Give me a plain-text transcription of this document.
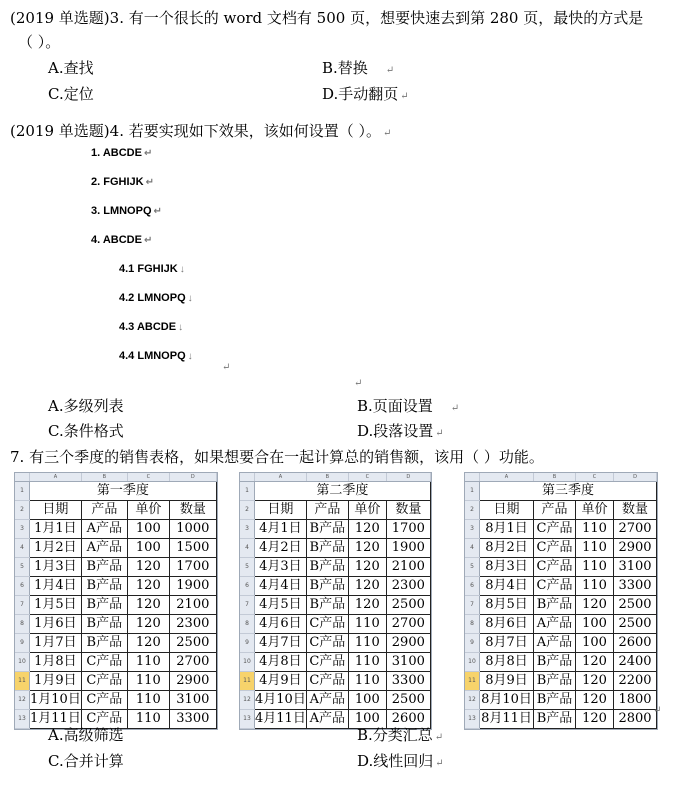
(2019 单选题)3. 有一个很长的 word 文档有 500 页，想要快速去到第 280 页，最快的方式是
（ ）。
A.查找	B.替换 ↵
C.定位	D.手动翻页 ↵
(2019 单选题)4. 若要实现如下效果，该如何设置（ ）。 ↵
1. ABCDE ↵
2. FGHIJK ↵
3. LMNOPQ ↵
4. ABCDE ↵
4.1 FGHIJK ↓
4.2 LMNOPQ ↓
4.3 ABCDE ↓
4.4 LMNOPQ ↓
↵
↵
A.多级列表	B.页面设置 ↵
C.条件格式	D.段落设置 ↵
7. 有三个季度的销售表格，如果想要合在一起计算总的销售额，该用（ ）功能。
	A	B	C	D
1	第一季度			
2	日期	产品	单价	数量
3	1月1日	A产品	100	1000
4	1月2日	A产品	100	1500
5	1月3日	B产品	120	1700
6	1月4日	B产品	120	1900
7	1月5日	B产品	120	2100
8	1月6日	B产品	120	2300
9	1月7日	B产品	120	2500
10	1月8日	C产品	110	2700
11	1月9日	C产品	110	2900
12	1月10日	C产品	110	3100
13	1月11日	C产品	110	3300
	A	B	C	D
1	第二季度			
2	日期	产品	单价	数量
3	4月1日	B产品	120	1700
4	4月2日	B产品	120	1900
5	4月3日	B产品	120	2100
6	4月4日	B产品	120	2300
7	4月5日	B产品	120	2500
8	4月6日	C产品	110	2700
9	4月7日	C产品	110	2900
10	4月8日	C产品	110	3100
11	4月9日	C产品	110	3300
12	4月10日	A产品	100	2500
13	4月11日	A产品	100	2600
	A	B	C	D
1	第三季度			
2	日期	产品	单价	数量
3	8月1日	C产品	110	2700
4	8月2日	C产品	110	2900
5	8月3日	C产品	110	3100
6	8月4日	C产品	110	3300
7	8月5日	B产品	120	2500
8	8月6日	A产品	100	2500
9	8月7日	A产品	100	2600
10	8月8日	B产品	120	2400
11	8月9日	B产品	120	2200
12	8月10日	B产品	120	1800
13	8月11日	B产品	120	2800
↵
A.高级筛选	B.分类汇总 ↵
C.合并计算	D.线性回归 ↵
